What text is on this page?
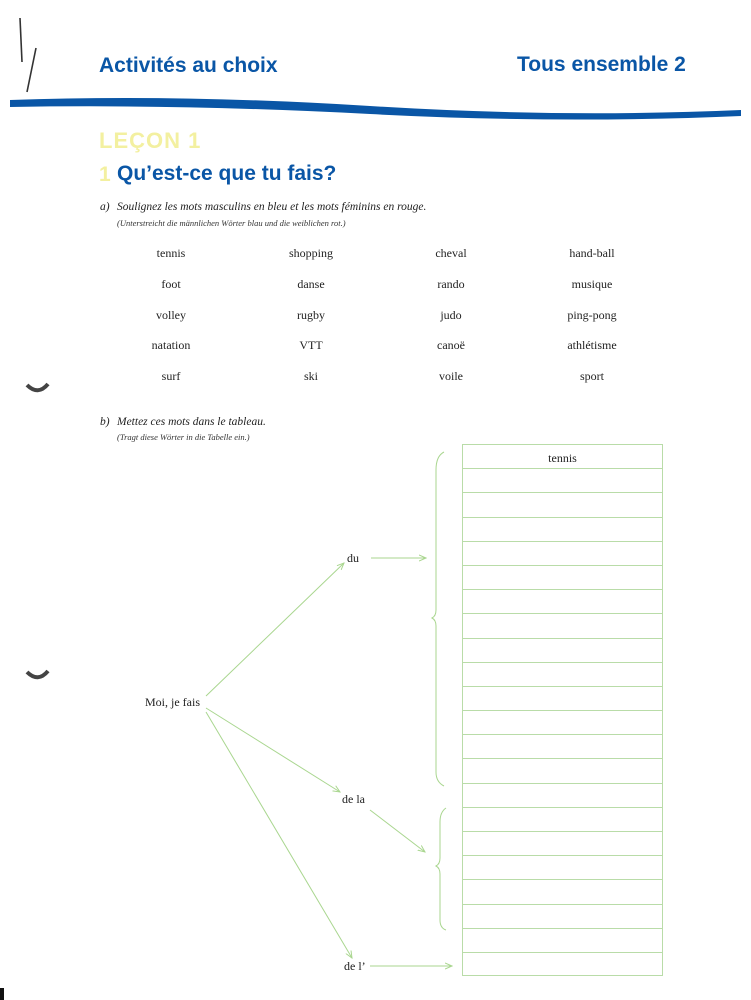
Activités au choix	Tous ensemble 2
LEÇON 1
1 Qu’est-ce que tu fais?
a) Soulignez les mots masculins en bleu et les mots féminins en rouge.
(Unterstreicht die männlichen Wörter blau und die weiblichen rot.)
tennis	shopping	cheval	hand-ball
foot	danse	rando	musique
volley	rugby	judo	ping-pong
natation	VTT	canoë	athlétisme
surf	ski	voile	sport
b) Mettez ces mots dans le tableau.
(Tragt diese Wörter in die Tabelle ein.)
Moi, je fais
du
de la
de l’
tennis
